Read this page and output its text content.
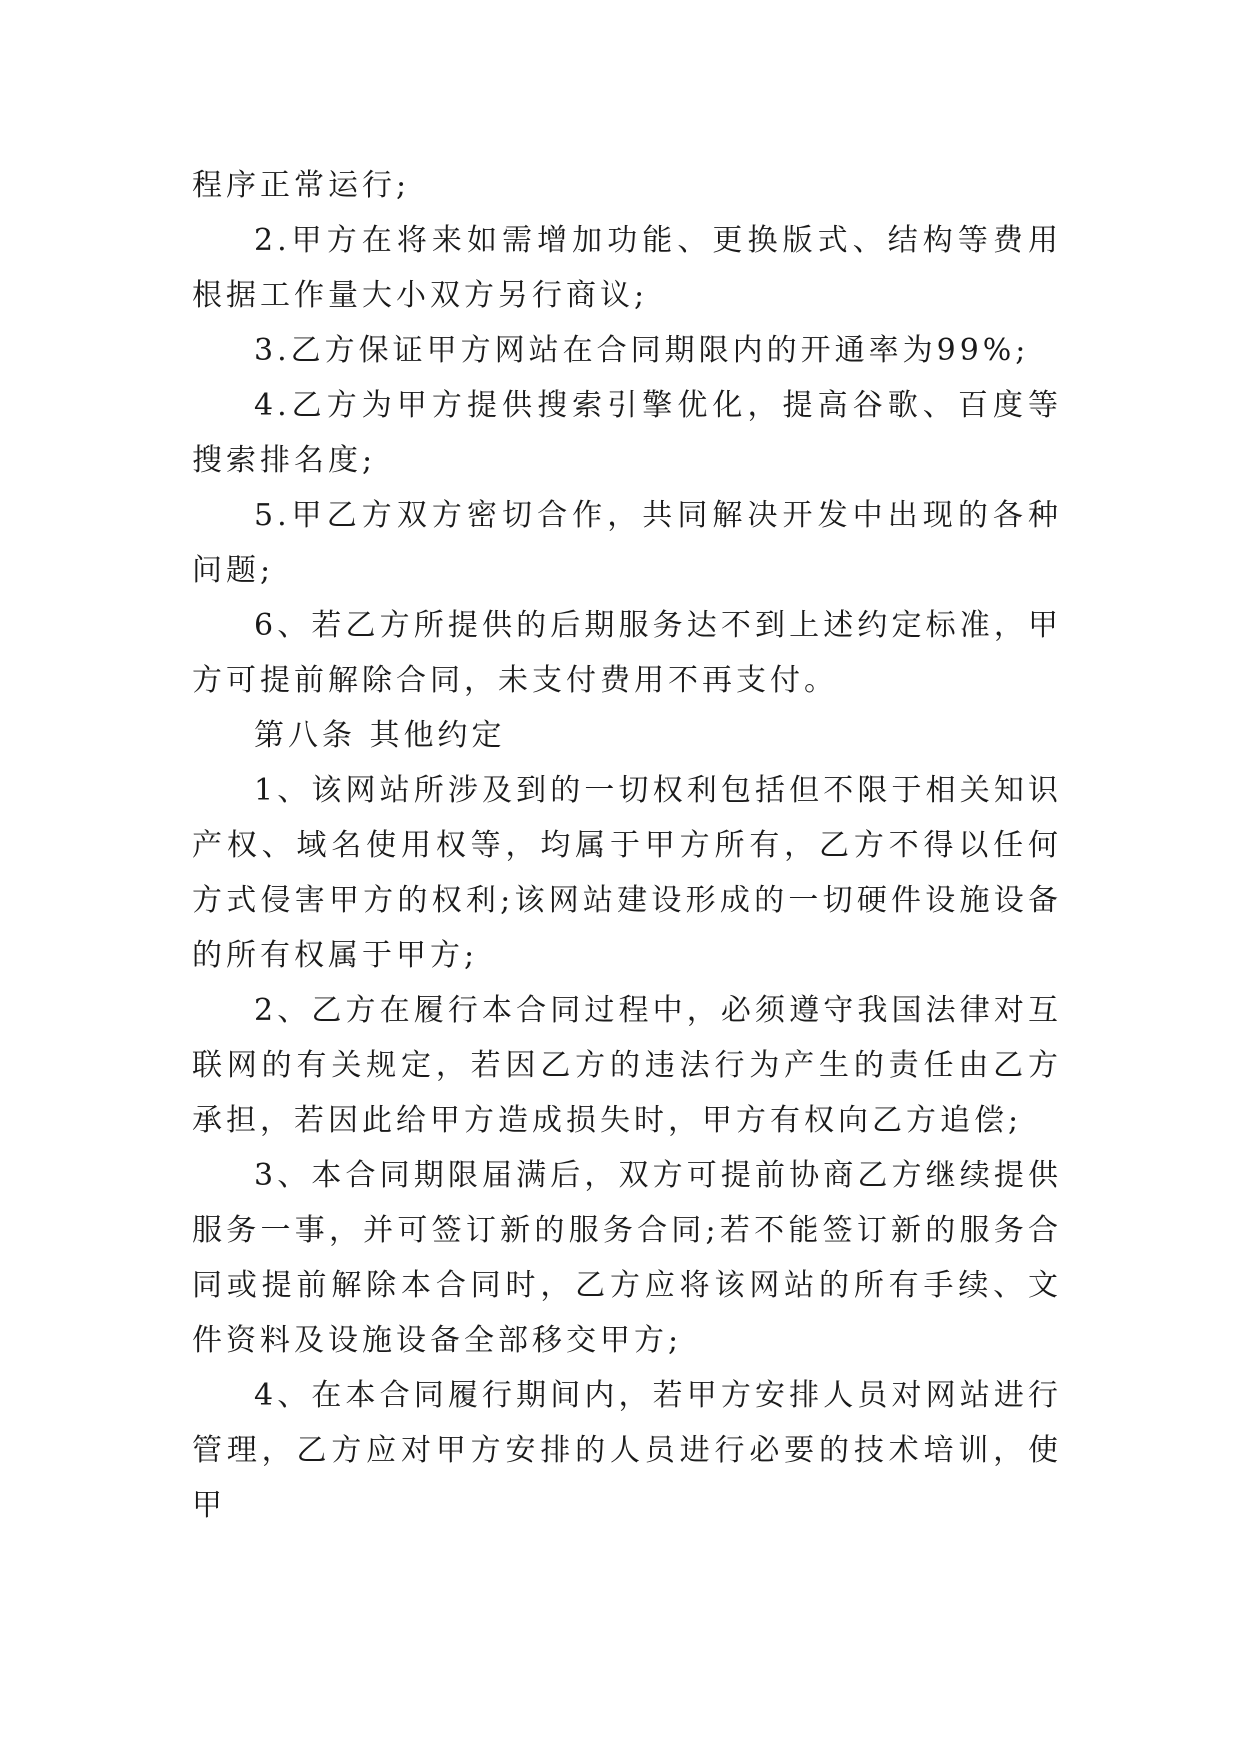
程序正常运行;

2.甲方在将来如需增加功能、更换版式、结构等费用根据工作量大小双方另行商议;

3.乙方保证甲方网站在合同期限内的开通率为99%;

4.乙方为甲方提供搜索引擎优化，提高谷歌、百度等搜索排名度;

5.甲乙方双方密切合作，共同解决开发中出现的各种问题;

6、若乙方所提供的后期服务达不到上述约定标准，甲方可提前解除合同，未支付费用不再支付。

第八条 其他约定

1、该网站所涉及到的一切权利包括但不限于相关知识产权、域名使用权等，均属于甲方所有，乙方不得以任何方式侵害甲方的权利;该网站建设形成的一切硬件设施设备的所有权属于甲方;

2、乙方在履行本合同过程中，必须遵守我国法律对互联网的有关规定，若因乙方的违法行为产生的责任由乙方承担，若因此给甲方造成损失时，甲方有权向乙方追偿;

3、本合同期限届满后，双方可提前协商乙方继续提供服务一事，并可签订新的服务合同;若不能签订新的服务合同或提前解除本合同时，乙方应将该网站的所有手续、文件资料及设施设备全部移交甲方;

4、在本合同履行期间内，若甲方安排人员对网站进行管理，乙方应对甲方安排的人员进行必要的技术培训，使甲
